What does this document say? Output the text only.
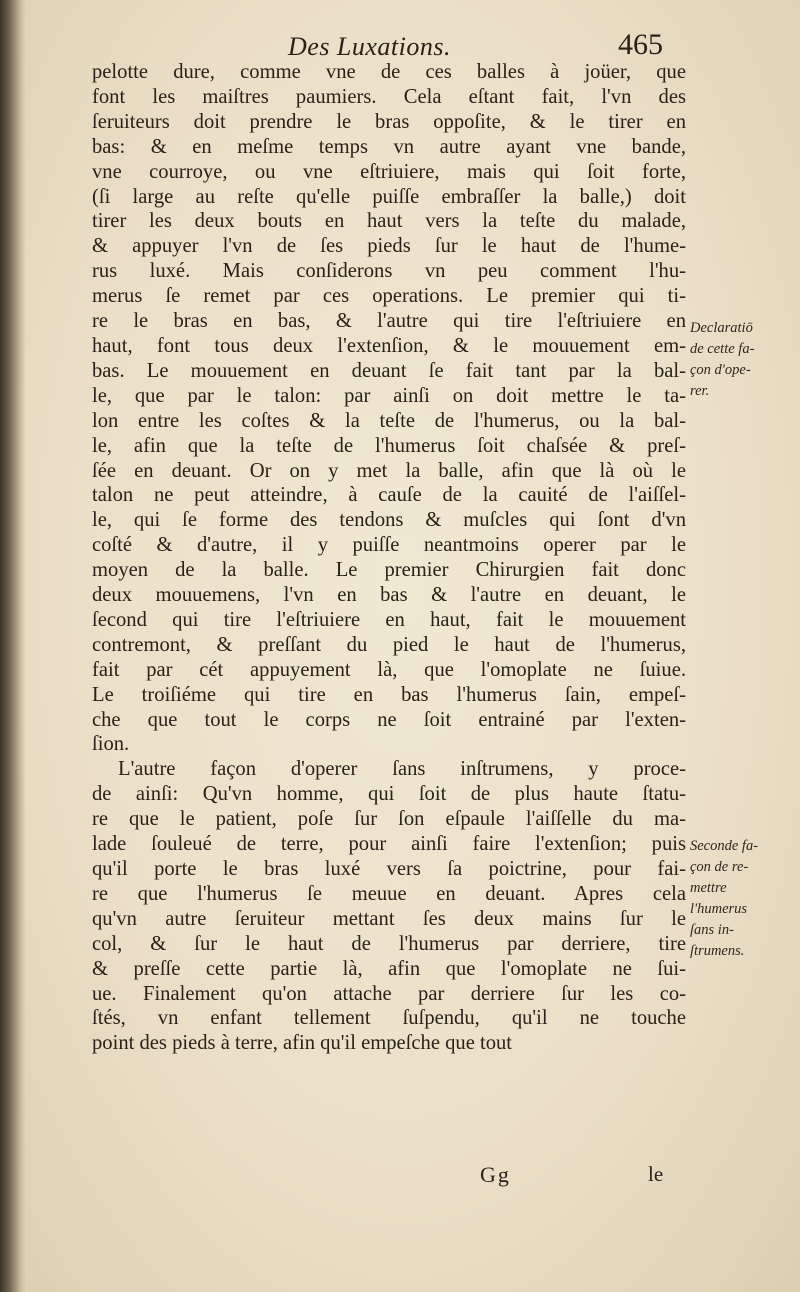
Des Luxations.	465
pelotte dure, comme vne de ces balles à joüer, que
font les maiſtres paumiers. Cela eſtant fait, l'vn des
ſeruiteurs doit prendre le bras oppoſite, & le tirer en
bas: & en meſme temps vn autre ayant vne bande,
vne courroye, ou vne eſtriuiere, mais qui ſoit forte,
(ſi large au reſte qu'elle puiſſe embraſſer la balle,) doit
tirer les deux bouts en haut vers la teſte du malade,
& appuyer l'vn de ſes pieds ſur le haut de l'hume-
rus luxé. Mais conſiderons vn peu comment l'hu-
merus ſe remet par ces operations. Le premier qui ti-
re le bras en bas, & l'autre qui tire l'eſtriuiere en
haut, font tous deux l'extenſion, & le mouuement em-
bas. Le mouuement en deuant ſe fait tant par la bal-
le, que par le talon: par ainſi on doit mettre le ta-
lon entre les coſtes & la teſte de l'humerus, ou la bal-
le, afin que la teſte de l'humerus ſoit chaſsée & preſ-
ſée en deuant. Or on y met la balle, afin que là où le
talon ne peut atteindre, à cauſe de la cauité de l'aiſſel-
le, qui ſe forme des tendons & muſcles qui ſont d'vn
coſté & d'autre, il y puiſſe neantmoins operer par le
moyen de la balle. Le premier Chirurgien fait donc
deux mouuemens, l'vn en bas & l'autre en deuant, le
ſecond qui tire l'eſtriuiere en haut, fait le mouuement
contremont, & preſſant du pied le haut de l'humerus,
fait par cét appuyement là, que l'omoplate ne ſuiue.
Le troiſiéme qui tire en bas l'humerus ſain, empeſ-
che que tout le corps ne ſoit entrainé par l'exten-
ſion.
L'autre façon d'operer ſans inſtrumens, y proce-
de ainſi: Qu'vn homme, qui ſoit de plus haute ſtatu-
re que le patient, poſe ſur ſon eſpaule l'aiſſelle du ma-
lade ſouleué de terre, pour ainſi faire l'extenſion; puis
qu'il porte le bras luxé vers ſa poictrine, pour fai-
re que l'humerus ſe meuue en deuant. Apres cela
qu'vn autre ſeruiteur mettant ſes deux mains ſur le
col, & ſur le haut de l'humerus par derriere, tire
& preſſe cette partie là, afin que l'omoplate ne ſui-
ue. Finalement qu'on attache par derriere ſur les co-
ſtés, vn enfant tellement ſuſpendu, qu'il ne touche
point des pieds à terre, afin qu'il empeſche que tout
Declaratiō
de cette fa-
çon d'ope-
rer.
Seconde fa-
çon de re-
mettre
l'humerus
ſans in-
ſtrumens.
Gg	le
